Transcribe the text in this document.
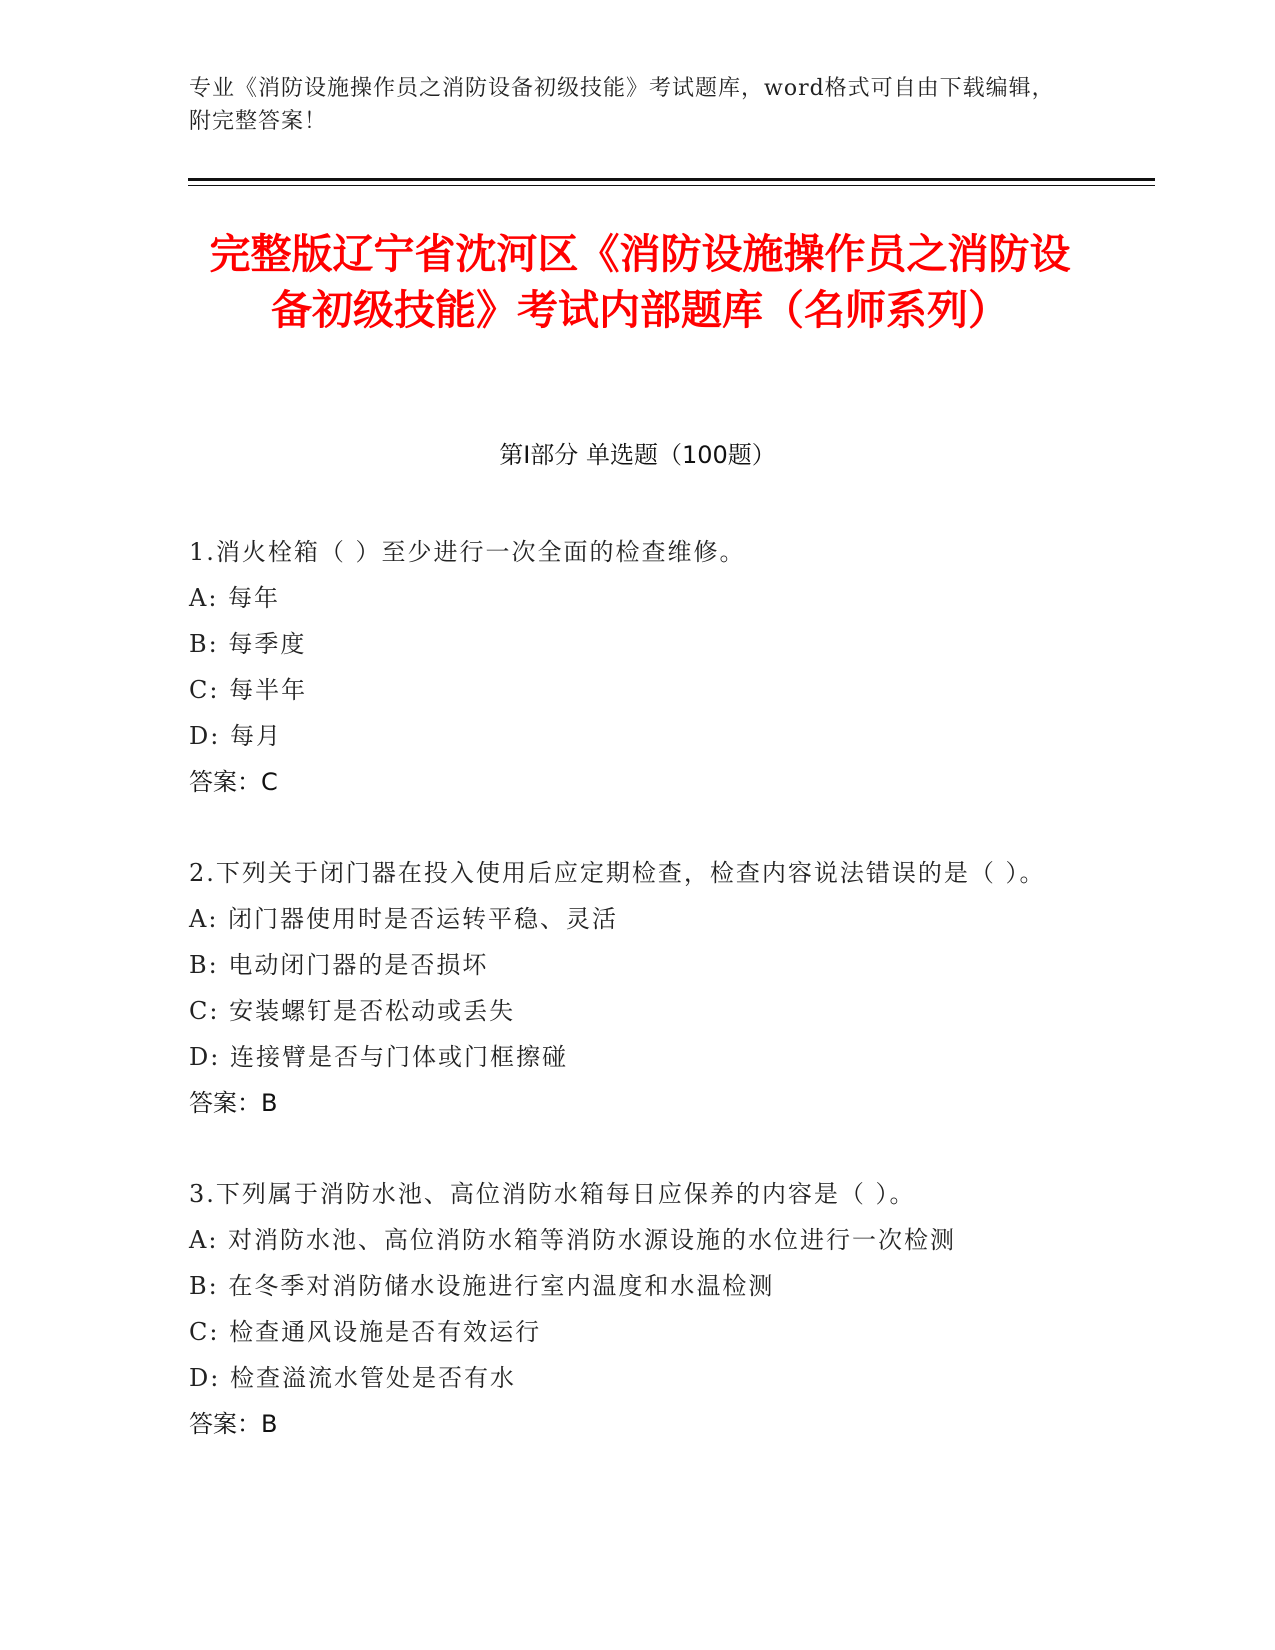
专业《消防设施操作员之消防设备初级技能》考试题库，word格式可自由下载编辑，附完整答案！
完整版辽宁省沈河区《消防设施操作员之消防设备初级技能》考试内部题库（名师系列）
第Ⅰ部分 单选题（100题）
1.消火栓箱（ ）至少进行一次全面的检查维修。
A: 每年
B: 每季度
C: 每半年
D: 每月
答案：C
2.下列关于闭门器在投入使用后应定期检查，检查内容说法错误的是（ ）。
A: 闭门器使用时是否运转平稳、灵活
B: 电动闭门器的是否损坏
C: 安装螺钉是否松动或丢失
D: 连接臂是否与门体或门框擦碰
答案：B
3.下列属于消防水池、高位消防水箱每日应保养的内容是（ ）。
A: 对消防水池、高位消防水箱等消防水源设施的水位进行一次检测
B: 在冬季对消防储水设施进行室内温度和水温检测
C: 检查通风设施是否有效运行
D: 检查溢流水管处是否有水
答案：B
